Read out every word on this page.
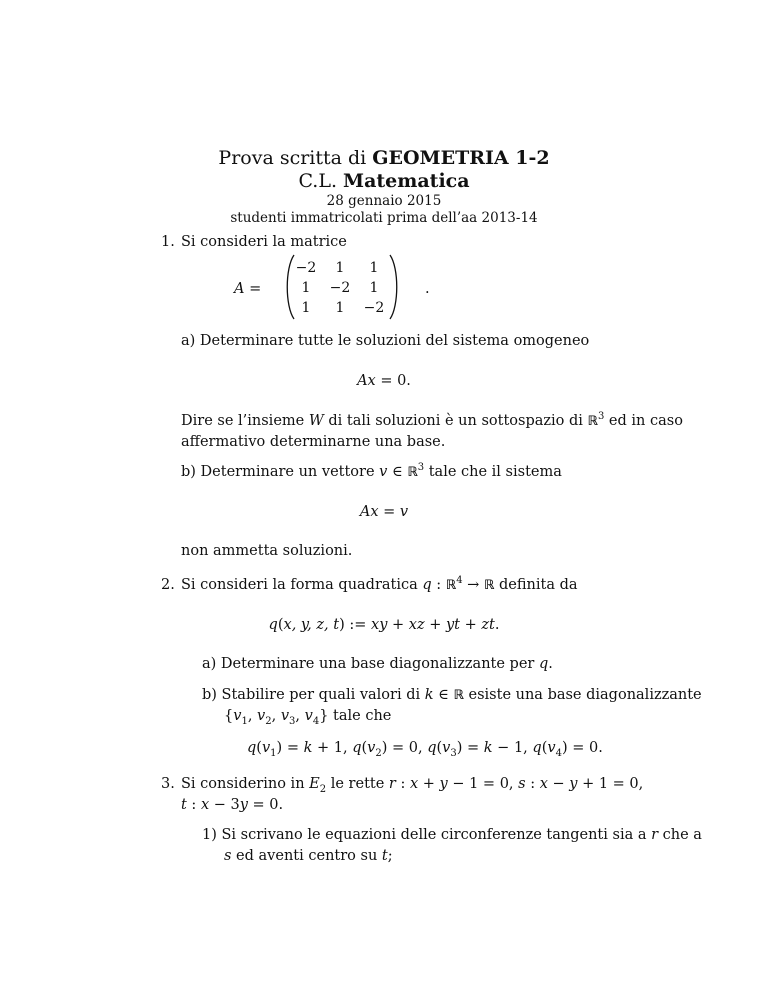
Prova scritta di GEOMETRIA 1-2
C.L. Matematica
28 gennaio 2015
studenti immatricolati prima dell’aa 2013-14
1. Si consideri la matrice
A =
−2	1	1
1	−2	1
1	1	−2
.
a) Determinare tutte le soluzioni del sistema omogeneo
Ax = 0.
Dire se l’insieme W di tali soluzioni è un sottospazio di ℝ$^3$ ed in caso
affermativo determinarne una base.
b) Determinare un vettore v ∈ ℝ$^3$ tale che il sistema
Ax = v
non ammetta soluzioni.
2. Si consideri la forma quadratica q : ℝ$^4$ → ℝ definita da
q(x, y, z, t) := xy + xz + yt + zt.
a) Determinare una base diagonalizzante per q.
b) Stabilire per quali valori di k ∈ ℝ esiste una base diagonalizzante
{$v_1$, $v_2$, $v_3$, $v_4$} tale che
$q(v_1) = k + 1$, $q(v_2) = 0$, $q(v_3) = k - 1$, $q(v_4) = 0$.
3. Si considerino in $E_2$ le rette r : x + y − 1 = 0, s : x − y + 1 = 0,
t : x − 3y = 0.
1) Si scrivano le equazioni delle circonferenze tangenti sia a r che a
s ed aventi centro su t;
